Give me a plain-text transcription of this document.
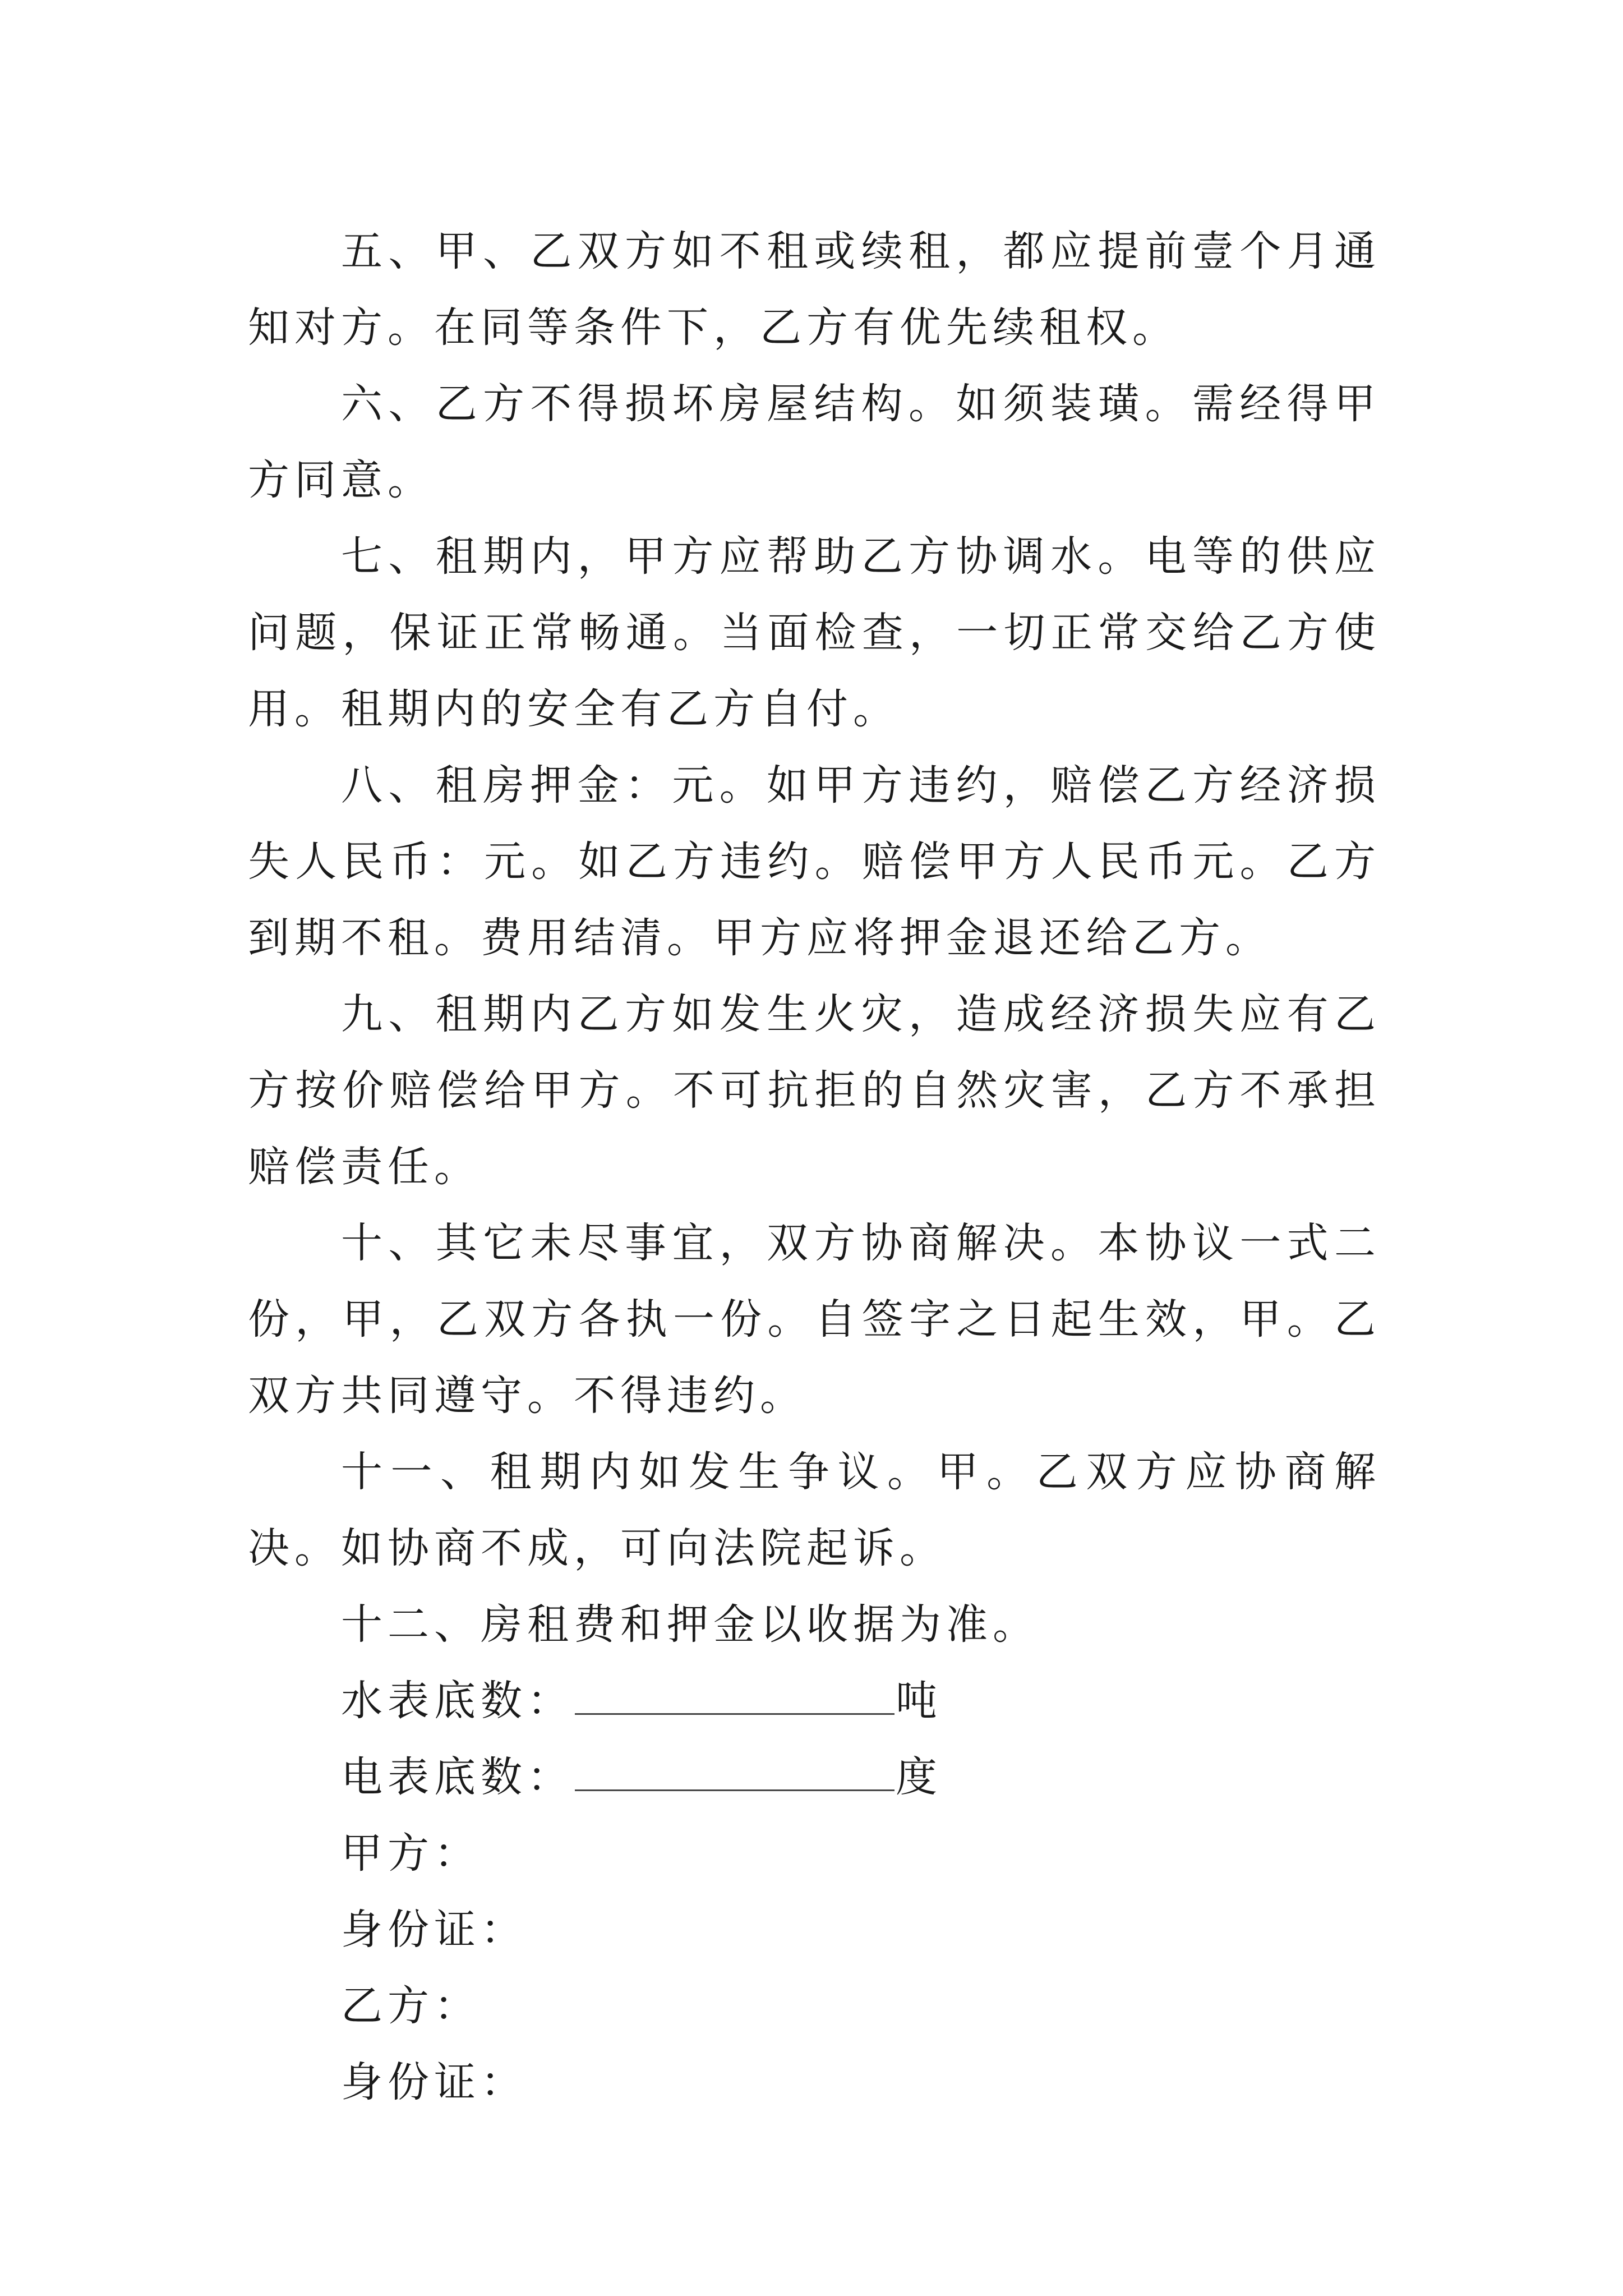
五、甲、乙双方如不租或续租，都应提前壹个月通知对方。在同等条件下，乙方有优先续租权。

六、乙方不得损坏房屋结构。如须装璜。需经得甲方同意。

七、租期内，甲方应帮助乙方协调水。电等的供应问题，保证正常畅通。当面检查，一切正常交给乙方使用。租期内的安全有乙方自付。

八、租房押金：元。如甲方违约，赔偿乙方经济损失人民币：元。如乙方违约。赔偿甲方人民币元。乙方到期不租。费用结清。甲方应将押金退还给乙方。

九、租期内乙方如发生火灾，造成经济损失应有乙方按价赔偿给甲方。不可抗拒的自然灾害，乙方不承担赔偿责任。

十、其它未尽事宜，双方协商解决。本协议一式二份，甲，乙双方各执一份。自签字之日起生效，甲。乙双方共同遵守。不得违约。

十一、租期内如发生争议。甲。乙双方应协商解决。如协商不成，可向法院起诉。

十二、房租费和押金以收据为准。

水表底数：	吨

电表底数：	度

甲方：

身份证：

乙方：

身份证：
